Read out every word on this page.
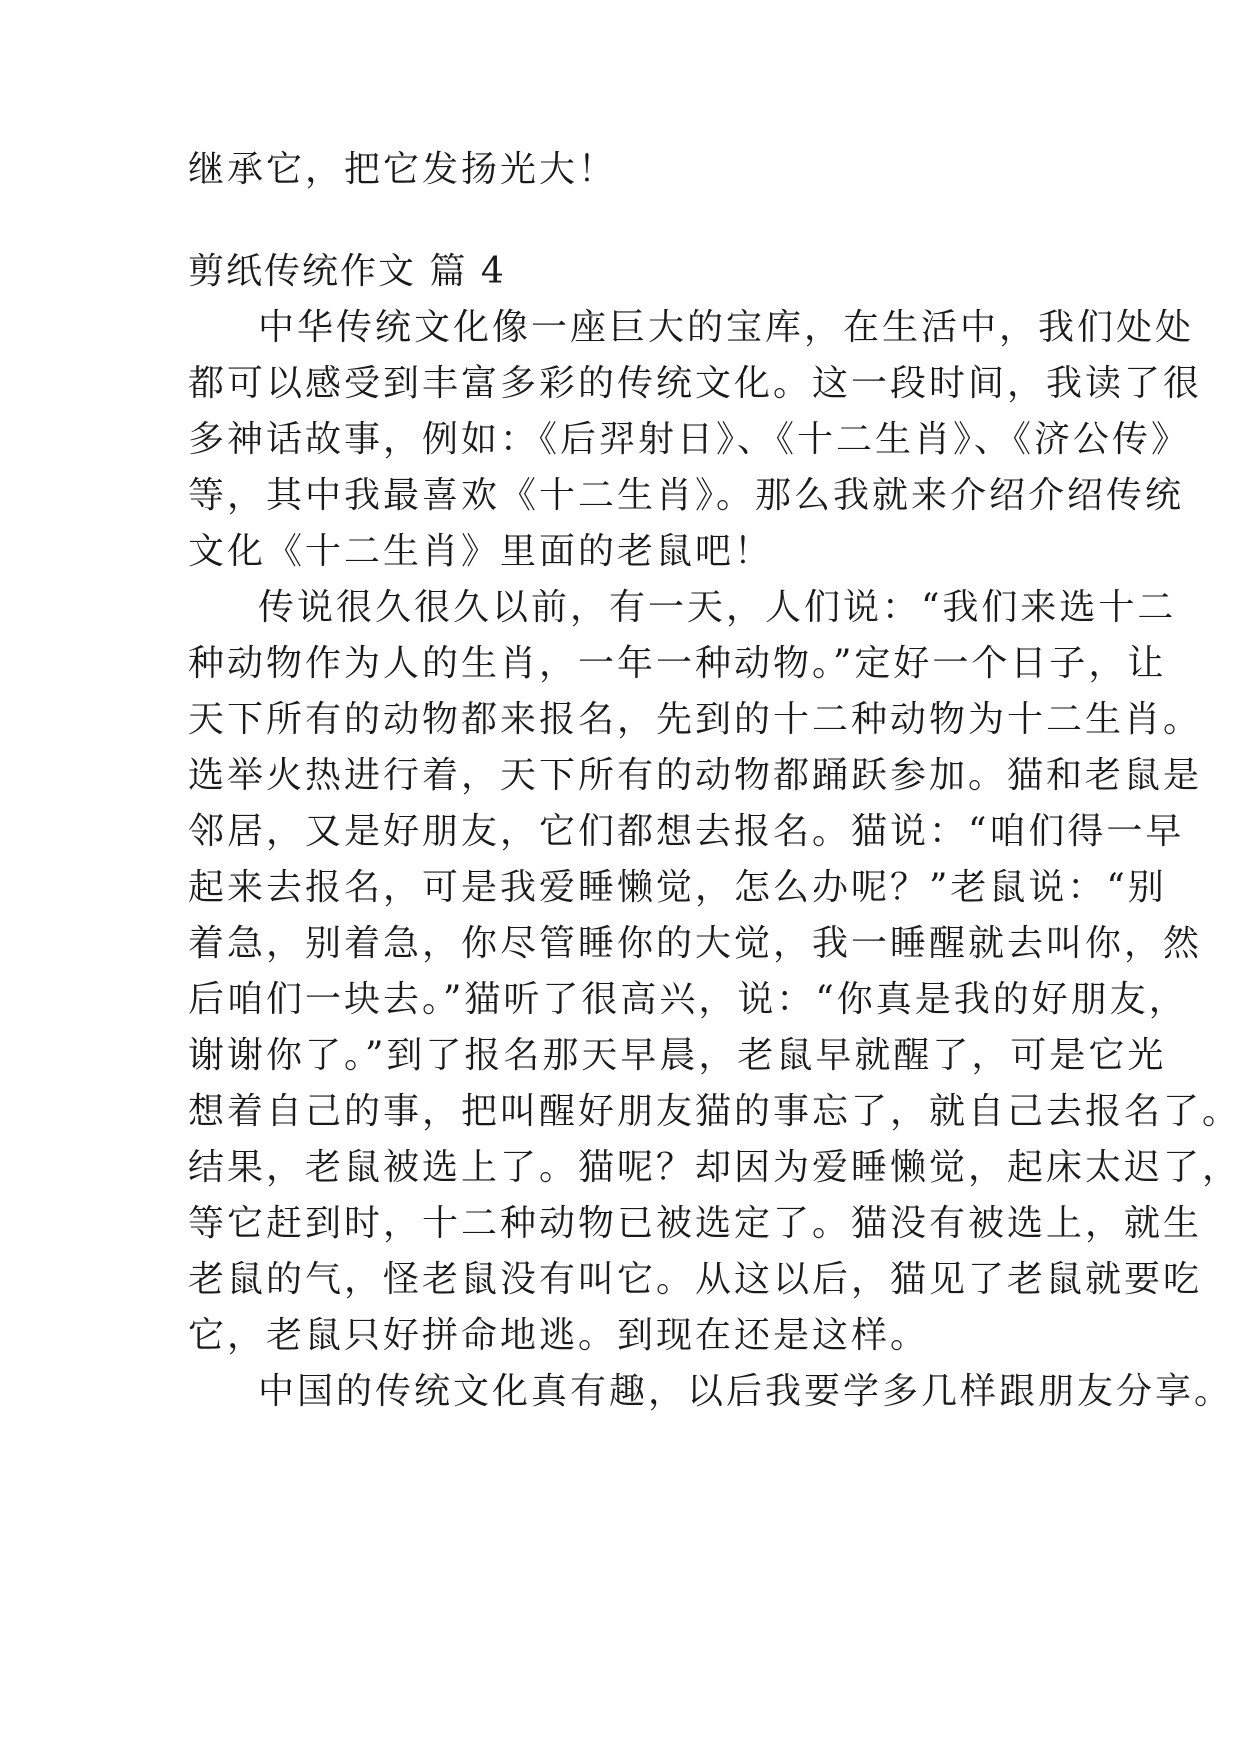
继承它，把它发扬光大！

剪纸传统作文 篇 4

中华传统文化像一座巨大的宝库，在生活中，我们处处

都可以感受到丰富多彩的传统文化。这一段时间，我读了很

多神话故事，例如：《后羿射日》、《十二生肖》、《济公传》

等，其中我最喜欢《十二生肖》。那么我就来介绍介绍传统

文化《十二生肖》里面的老鼠吧！

传说很久很久以前，有一天，人们说：“我们来选十二

种动物作为人的生肖，一年一种动物。”定好一个日子，让

天下所有的动物都来报名，先到的十二种动物为十二生肖。

选举火热进行着，天下所有的动物都踊跃参加。猫和老鼠是

邻居，又是好朋友，它们都想去报名。猫说：“咱们得一早

起来去报名，可是我爱睡懒觉，怎么办呢？”老鼠说：“别

着急，别着急，你尽管睡你的大觉，我一睡醒就去叫你，然

后咱们一块去。”猫听了很高兴，说：“你真是我的好朋友，

谢谢你了。”到了报名那天早晨，老鼠早就醒了，可是它光

想着自己的事，把叫醒好朋友猫的事忘了，就自己去报名了。

结果，老鼠被选上了。猫呢？却因为爱睡懒觉，起床太迟了，

等它赶到时，十二种动物已被选定了。猫没有被选上，就生

老鼠的气，怪老鼠没有叫它。从这以后，猫见了老鼠就要吃

它，老鼠只好拼命地逃。到现在还是这样。

中国的传统文化真有趣，以后我要学多几样跟朋友分享。
